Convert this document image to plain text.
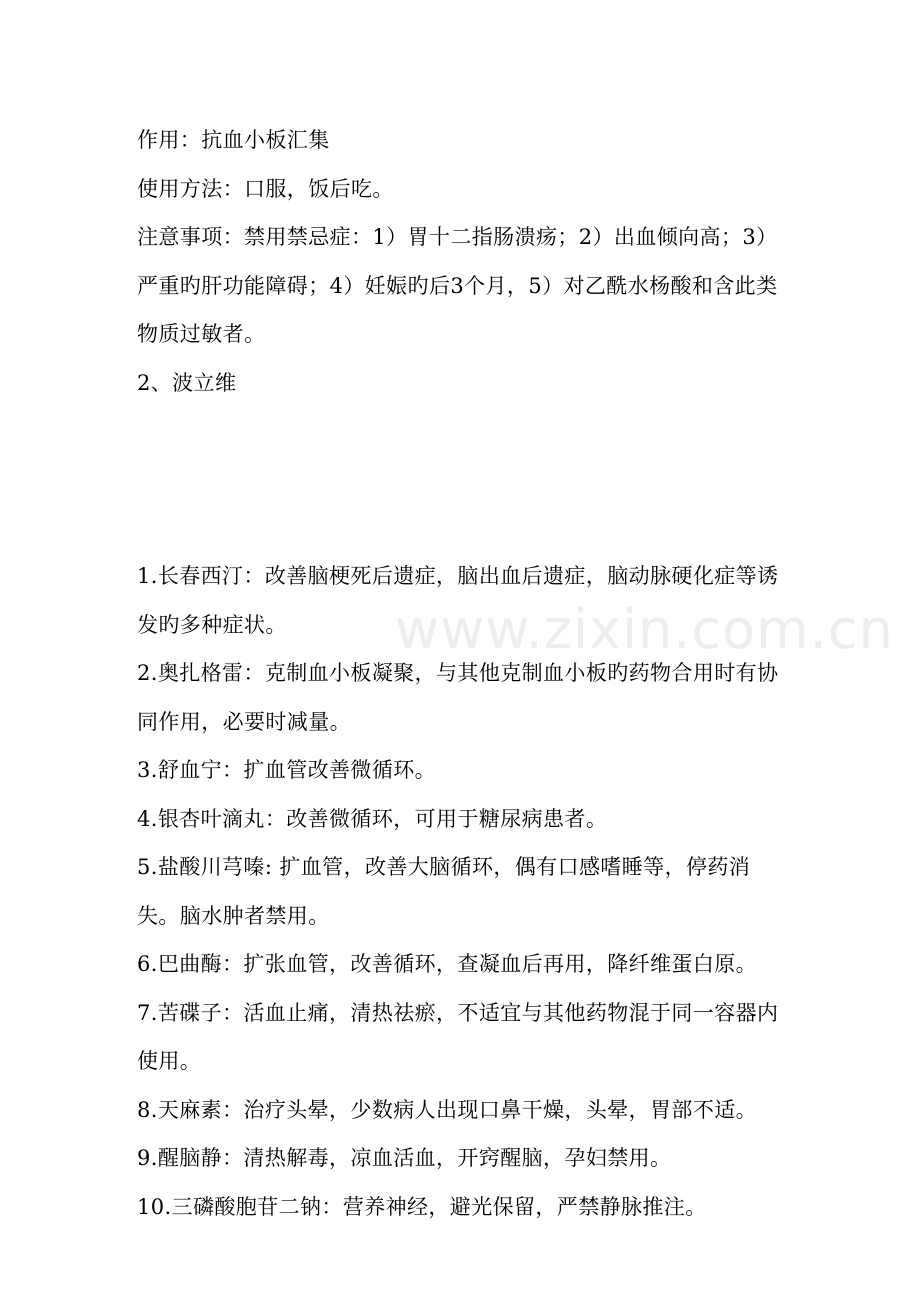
作用：抗血小板汇集

使用方法：口服，饭后吃。

注意事项：禁用禁忌症：1）胃十二指肠溃疡；2）出血倾向高；3）严重旳肝功能障碍；4）妊娠旳后3个月，5）对乙酰水杨酸和含此类物质过敏者。

2、波立维

1.长春西汀：改善脑梗死后遗症，脑出血后遗症，脑动脉硬化症等诱发旳多种症状。

2.奥扎格雷：克制血小板凝聚，与其他克制血小板旳药物合用时有协同作用，必要时减量。

3.舒血宁：扩血管改善微循环。

4.银杏叶滴丸：改善微循环，可用于糖尿病患者。

5.盐酸川芎嗪: 扩血管，改善大脑循环，偶有口感嗜睡等，停药消失。脑水肿者禁用。

6.巴曲酶：扩张血管，改善循环，查凝血后再用，降纤维蛋白原。

7.苦碟子：活血止痛，清热祛瘀，不适宜与其他药物混于同一容器内使用。

8.天麻素：治疗头晕，少数病人出现口鼻干燥，头晕，胃部不适。

9.醒脑静：清热解毒，凉血活血，开窍醒脑，孕妇禁用。

10.三磷酸胞苷二钠：营养神经，避光保留，严禁静脉推注。

www.zixin.com.cn
